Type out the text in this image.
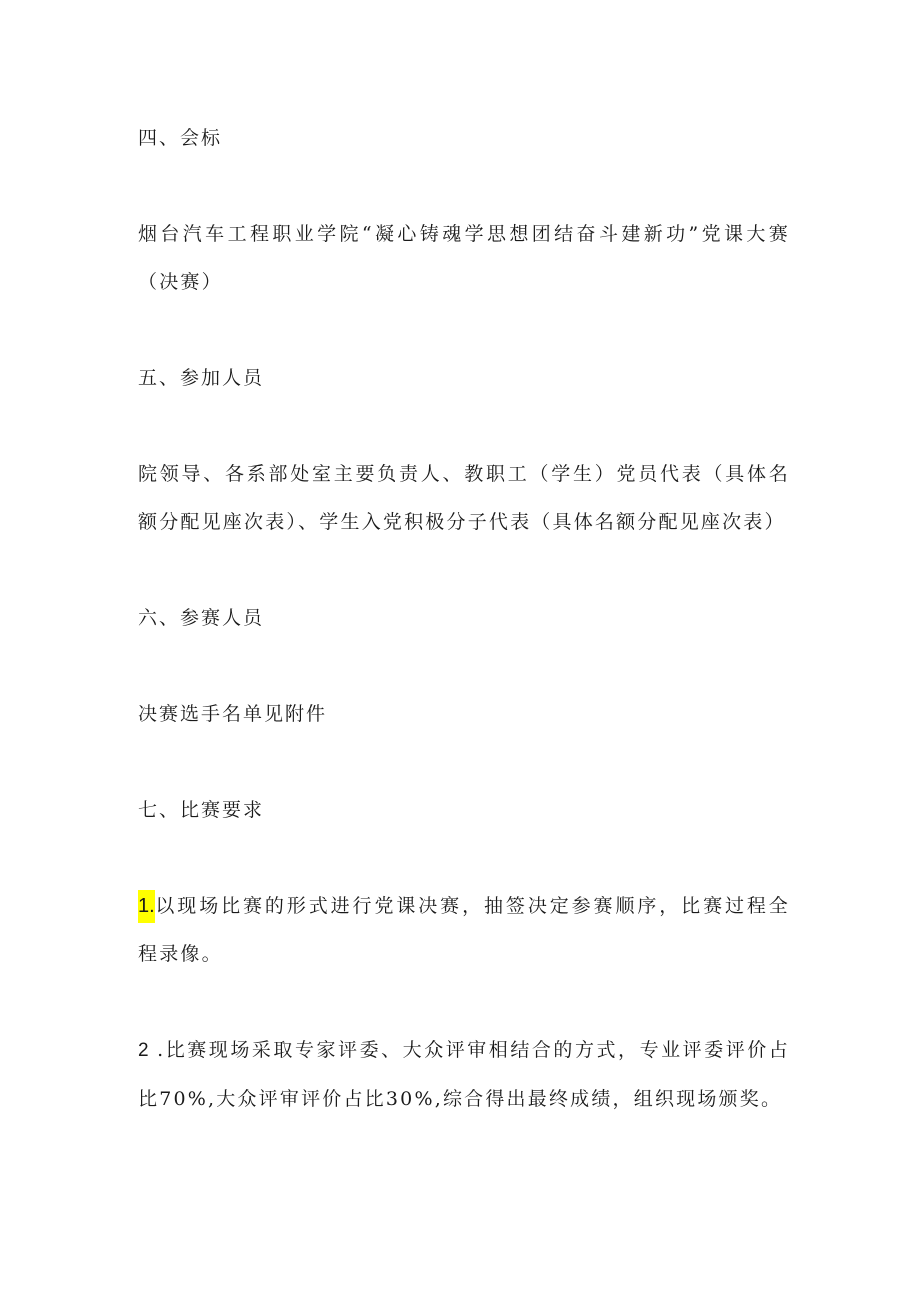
四、会标
烟台汽车工程职业学院“凝心铸魂学思想团结奋斗建新功”党课大赛（决赛）
五、参加人员
院领导、各系部处室主要负责人、教职工（学生）党员代表（具体名额分配见座次表）、学生入党积极分子代表（具体名额分配见座次表）
六、参赛人员
决赛选手名单见附件
七、比赛要求
1.以现场比赛的形式进行党课决赛，抽签决定参赛顺序，比赛过程全程录像。
2 .比赛现场采取专家评委、大众评审相结合的方式，专业评委评价占比70%,大众评审评价占比30%,综合得出最终成绩，组织现场颁奖。
